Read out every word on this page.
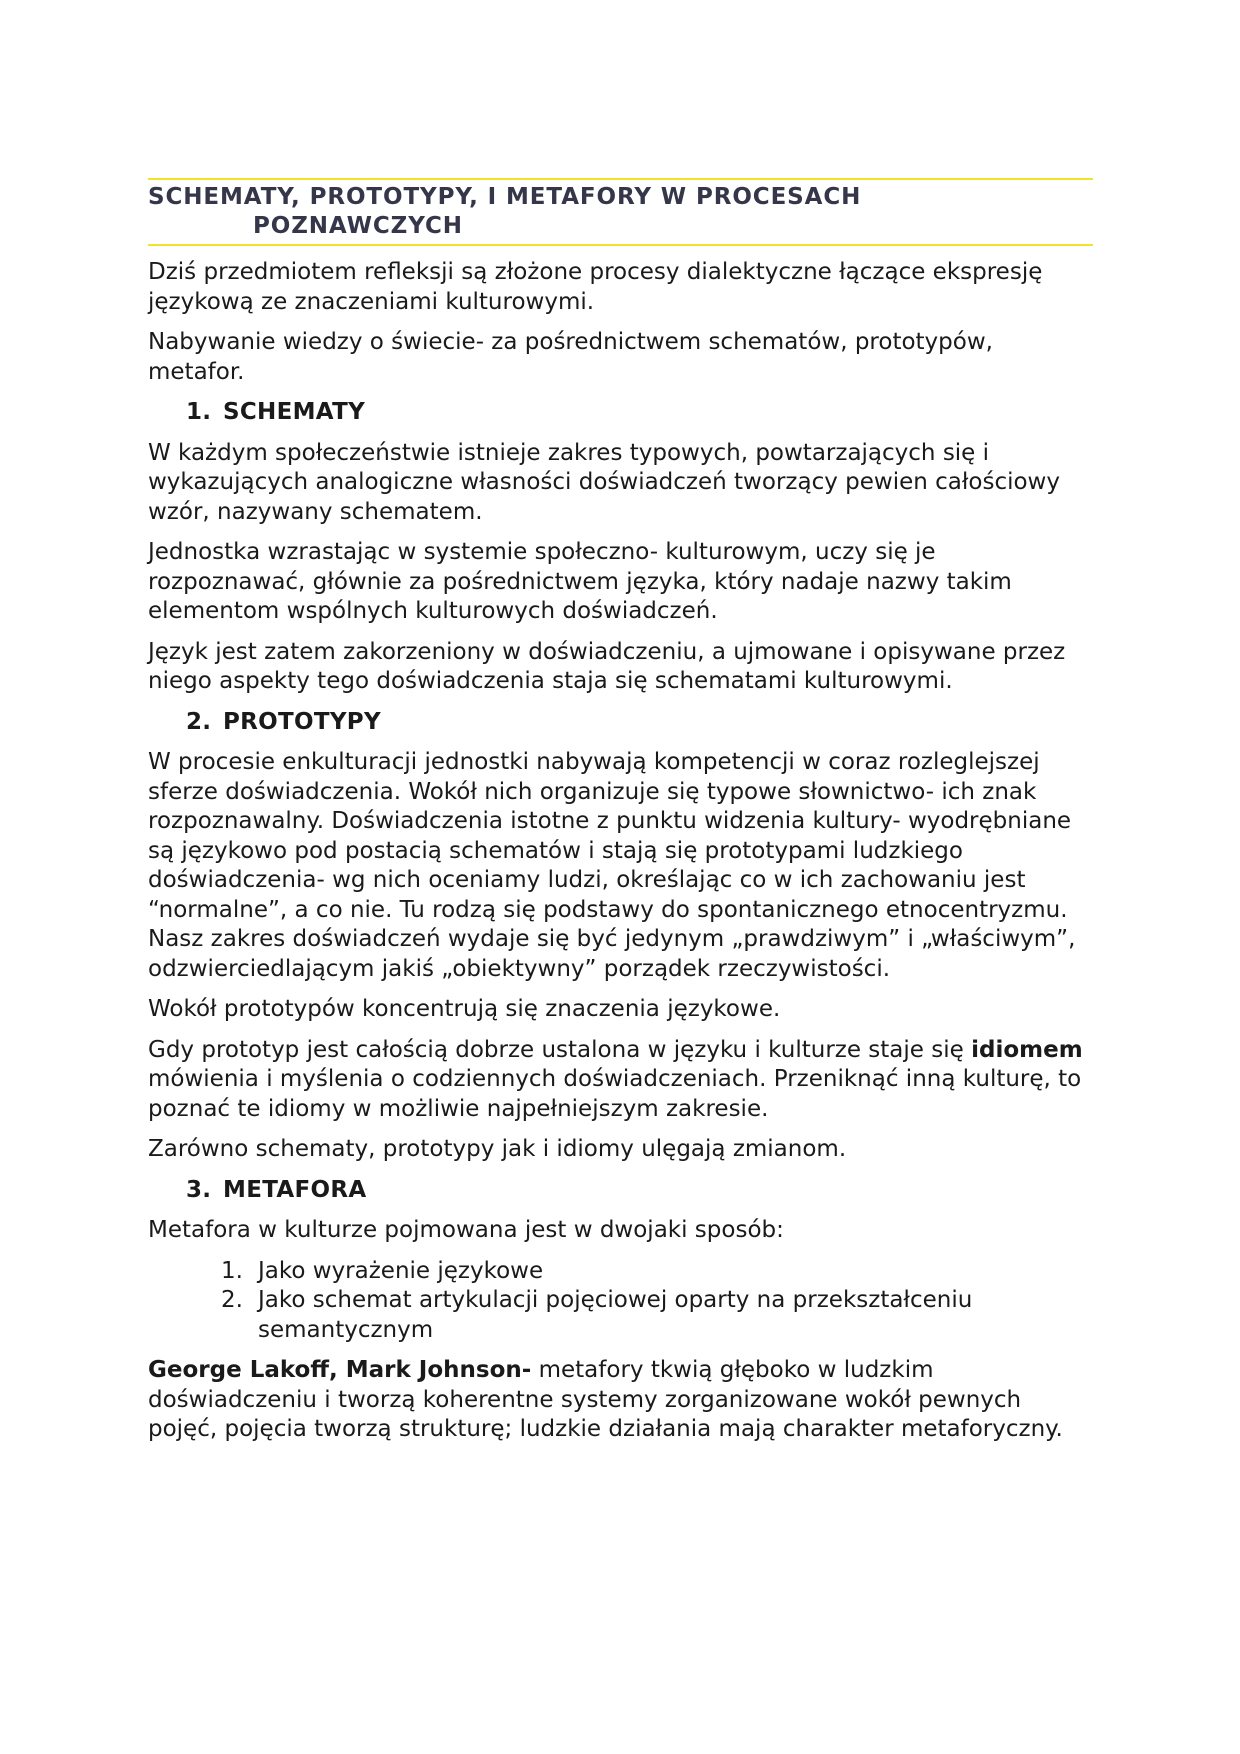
SCHEMATY, PROTOTYPY, I METAFORY W PROCESACH
POZNAWCZYCH

Dziś przedmiotem refleksji są złożone procesy dialektyczne łączące ekspresję językową ze znaczeniami kulturowymi.

Nabywanie wiedzy o świecie- za pośrednictwem schematów, prototypów, metafor.

1. SCHEMATY

W każdym społeczeństwie istnieje zakres typowych, powtarzających się i wykazujących analogiczne własności doświadczeń tworzący pewien całościowy wzór, nazywany schematem.

Jednostka wzrastając w systemie społeczno- kulturowym, uczy się je rozpoznawać, głównie za pośrednictwem języka, który nadaje nazwy takim elementom wspólnych kulturowych doświadczeń.

Język jest zatem zakorzeniony w doświadczeniu, a ujmowane i opisywane przez niego aspekty tego doświadczenia staja się schematami kulturowymi.

2. PROTOTYPY

W procesie enkulturacji jednostki nabywają kompetencji w coraz rozleglejszej sferze doświadczenia. Wokół nich organizuje się typowe słownictwo- ich znak rozpoznawalny. Doświadczenia istotne z punktu widzenia kultury- wyodrębniane są językowo pod postacią schematów i stają się prototypami ludzkiego doświadczenia- wg nich oceniamy ludzi, określając co w ich zachowaniu jest “normalne”, a co nie. Tu rodzą się podstawy do spontanicznego etnocentryzmu. Nasz zakres doświadczeń wydaje się być jedynym „prawdziwym” i „właściwym”, odzwierciedlającym jakiś „obiektywny” porządek rzeczywistości.

Wokół prototypów koncentrują się znaczenia językowe.

Gdy prototyp jest całością dobrze ustalona w języku i kulturze staje się idiomem mówienia i myślenia o codziennych doświadczeniach. Przeniknąć inną kulturę, to poznać te idiomy w możliwie najpełniejszym zakresie.

Zarówno schematy, prototypy jak i idiomy ulęgają zmianom.

3. METAFORA

Metafora w kulturze pojmowana jest w dwojaki sposób:

1. Jako wyrażenie językowe
2. Jako schemat artykulacji pojęciowej oparty na przekształceniu semantycznym

George Lakoff, Mark Johnson- metafory tkwią głęboko w ludzkim doświadczeniu i tworzą koherentne systemy zorganizowane wokół pewnych pojęć, pojęcia tworzą strukturę; ludzkie działania mają charakter metaforyczny.
